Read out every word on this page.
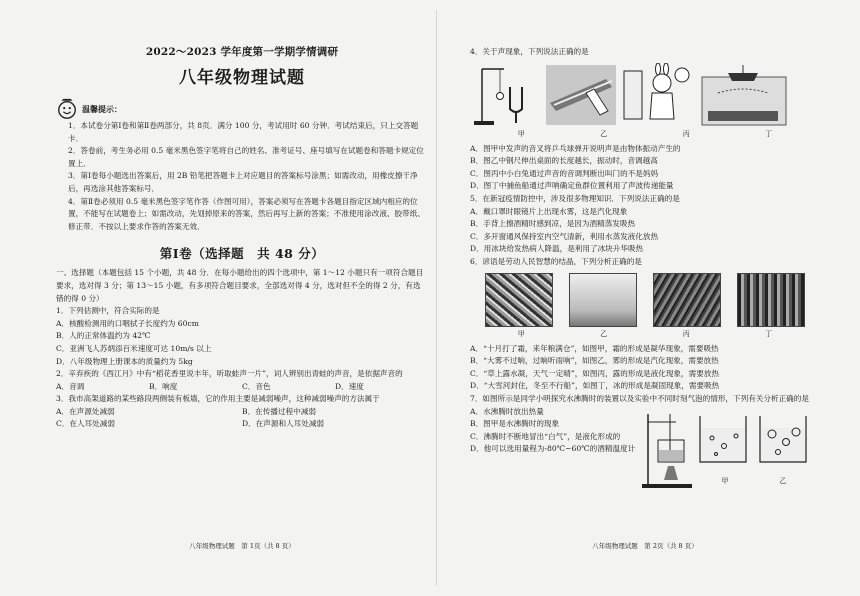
2022～2023 学年度第一学期学情调研
八年级物理试题
温馨提示：
1．本试卷分第Ⅰ卷和第Ⅱ卷两部分，共 8页．满分 100 分，考试用时 60 分钟．考试结束后，只上交答题卡．
2．答卷前，考生务必用 0.5 毫米黑色签字笔将自己的姓名、准考证号、座号填写在试题卷和答题卡规定位置上．
3．第Ⅰ卷每小题选出答案后，用 2B 铅笔把答题卡上对应题目的答案标号涂黑；如需改动，用橡皮擦干净后，再选涂其他答案标号．
4．第Ⅱ卷必须用 0.5 毫米黑色签字笔作答（作图可用），答案必须写在答题卡各题目指定区域内相应的位置，不能写在试题卷上；如需改动，先划掉原来的答案，然后再写上新的答案；不准使用涂改液、胶带纸、修正带．不按以上要求作答的答案无效．
第Ⅰ卷（选择题　共 48 分）
一、选择题（本题包括 15 个小题，共 48 分．在每小题给出的四个选项中，第 1～12 小题只有一项符合题目要求，选对得 3 分；第 13～15 小题，有多项符合题目要求，全部选对得 4 分，选对但不全的得 2 分，有选错的得 0 分）
1．下列估测中，符合实际的是
A．核酸检测用的口咽拭子长度约为 60cm
B．人的正常体温约为 42℃
C．亚洲飞人苏炳添百米速度可达 10m/s 以上
D．八年级物理上册课本的质量约为 5kg
2．辛弃疾的《西江月》中有“稻花香里说丰年，听取蛙声一片”，词人辨别出青蛙的声音，是依据声音的
A．音调	B．响度	C．音色	D．速度
3．我市高架道路的某些路段两侧装有板墙，它的作用主要是减弱噪声，这种减弱噪声的方法属于
A．在声源处减弱	B．在传播过程中减弱
C．在人耳处减弱	D．在声源和人耳处减弱
八年级物理试题　第 1页（共 8 页）
4．关于声现象，下列说法正确的是
甲	乙	丙	丁
A．图甲中发声的音叉将乒乓球弹开说明声是由物体振动产生的
B．图乙中钢尺伸出桌面的长度越长，振动时，音调越高
C．图丙中小白兔通过声音的音调判断出叫门的不是妈妈
D．图丁中捕鱼船通过声呐确定鱼群位置利用了声波传递能量
5．在新冠疫情防控中，涉及很多物理知识．下列说法正确的是
A．戴口罩时眼镜片上出现水雾，这是汽化现象
B．手背上擦酒精时感到凉，是因为酒精蒸发吸热
C．多开窗通风保持室内空气清新，利用水蒸发液化放热
D．用冰块给发热病人降温，是利用了冰块升华吸热
6．谚语是劳动人民智慧的结晶，下列分析正确的是
甲	乙	丙	丁
A．“十月打了霜，来年粮满仓”，如图甲，霜的形成是凝华现象，需要吸热
B．“大雾不过晌，过晌听雨响”，如图乙，雾的形成是汽化现象，需要放热
C．“草上露水凝，天气一定晴”，如图丙，露的形成是液化现象，需要放热
D．“大雪河封住，冬至不行船”，如图丁，冰的形成是凝固现象，需要吸热
7．如图所示是同学小明探究水沸腾时的装置以及实验中不同时刻气泡的情形，下列有关分析正确的是
A．水沸腾时放出热量
B．图甲是水沸腾时的现象
C．沸腾时不断地冒出“白气”，是液化形成的
D．他可以选用量程为-80℃~60℃的酒精温度计
甲	乙
八年级物理试题　第 2页（共 8 页）
